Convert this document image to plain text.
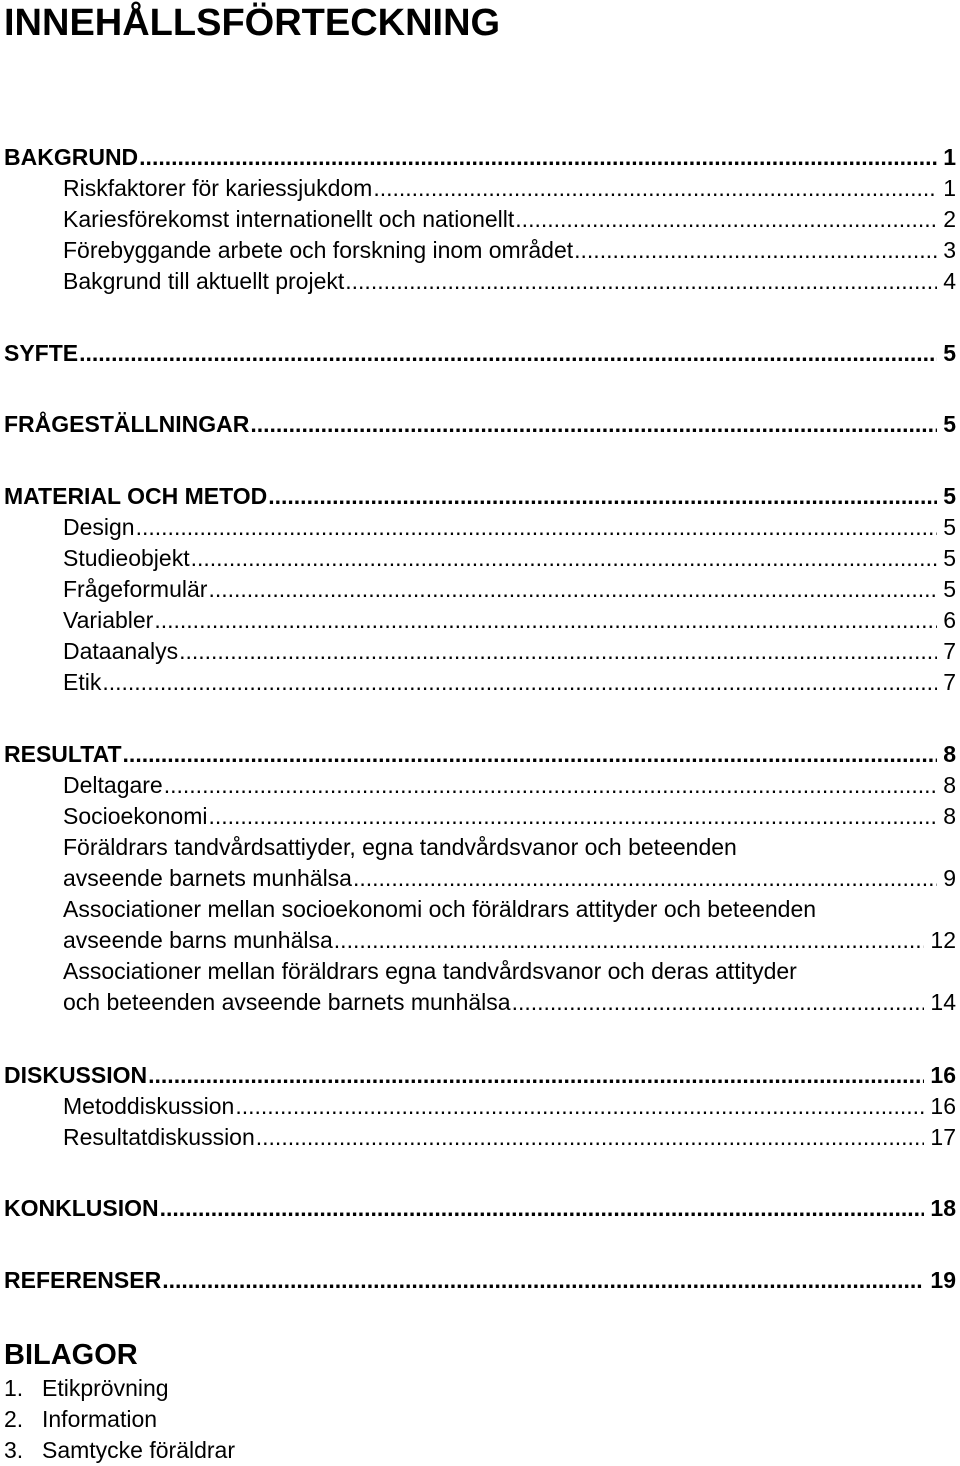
INNEHÅLLSFÖRTECKNING
BAKGRUND .....	1
Riskfaktorer för kariessjukdom .....	1
Kariesförekomst internationellt och nationellt .....	2
Förebyggande arbete och forskning inom området .....	3
Bakgrund till aktuellt projekt .....	4
SYFTE .....	5
FRÅGESTÄLLNINGAR .....	5
MATERIAL OCH METOD .....	5
Design .....	5
Studieobjekt .....	5
Frågeformulär .....	5
Variabler .....	6
Dataanalys .....	7
Etik .....	7
RESULTAT .....	8
Deltagare .....	8
Socioekonomi .....	8
Föräldrars tandvårdsattiyder, egna tandvårdsvanor och beteenden
avseende barnets munhälsa .....	9
Associationer mellan socioekonomi och föräldrars attityder och beteenden
avseende barns munhälsa .....	12
Associationer mellan föräldrars egna tandvårdsvanor och deras attityder
och beteenden avseende barnets munhälsa .....	14
DISKUSSION .....	16
Metoddiskussion .....	16
Resultatdiskussion .....	17
KONKLUSION .....	18
REFERENSER .....	19
BILAGOR
1. Etikprövning
2. Information
3. Samtycke föräldrar
